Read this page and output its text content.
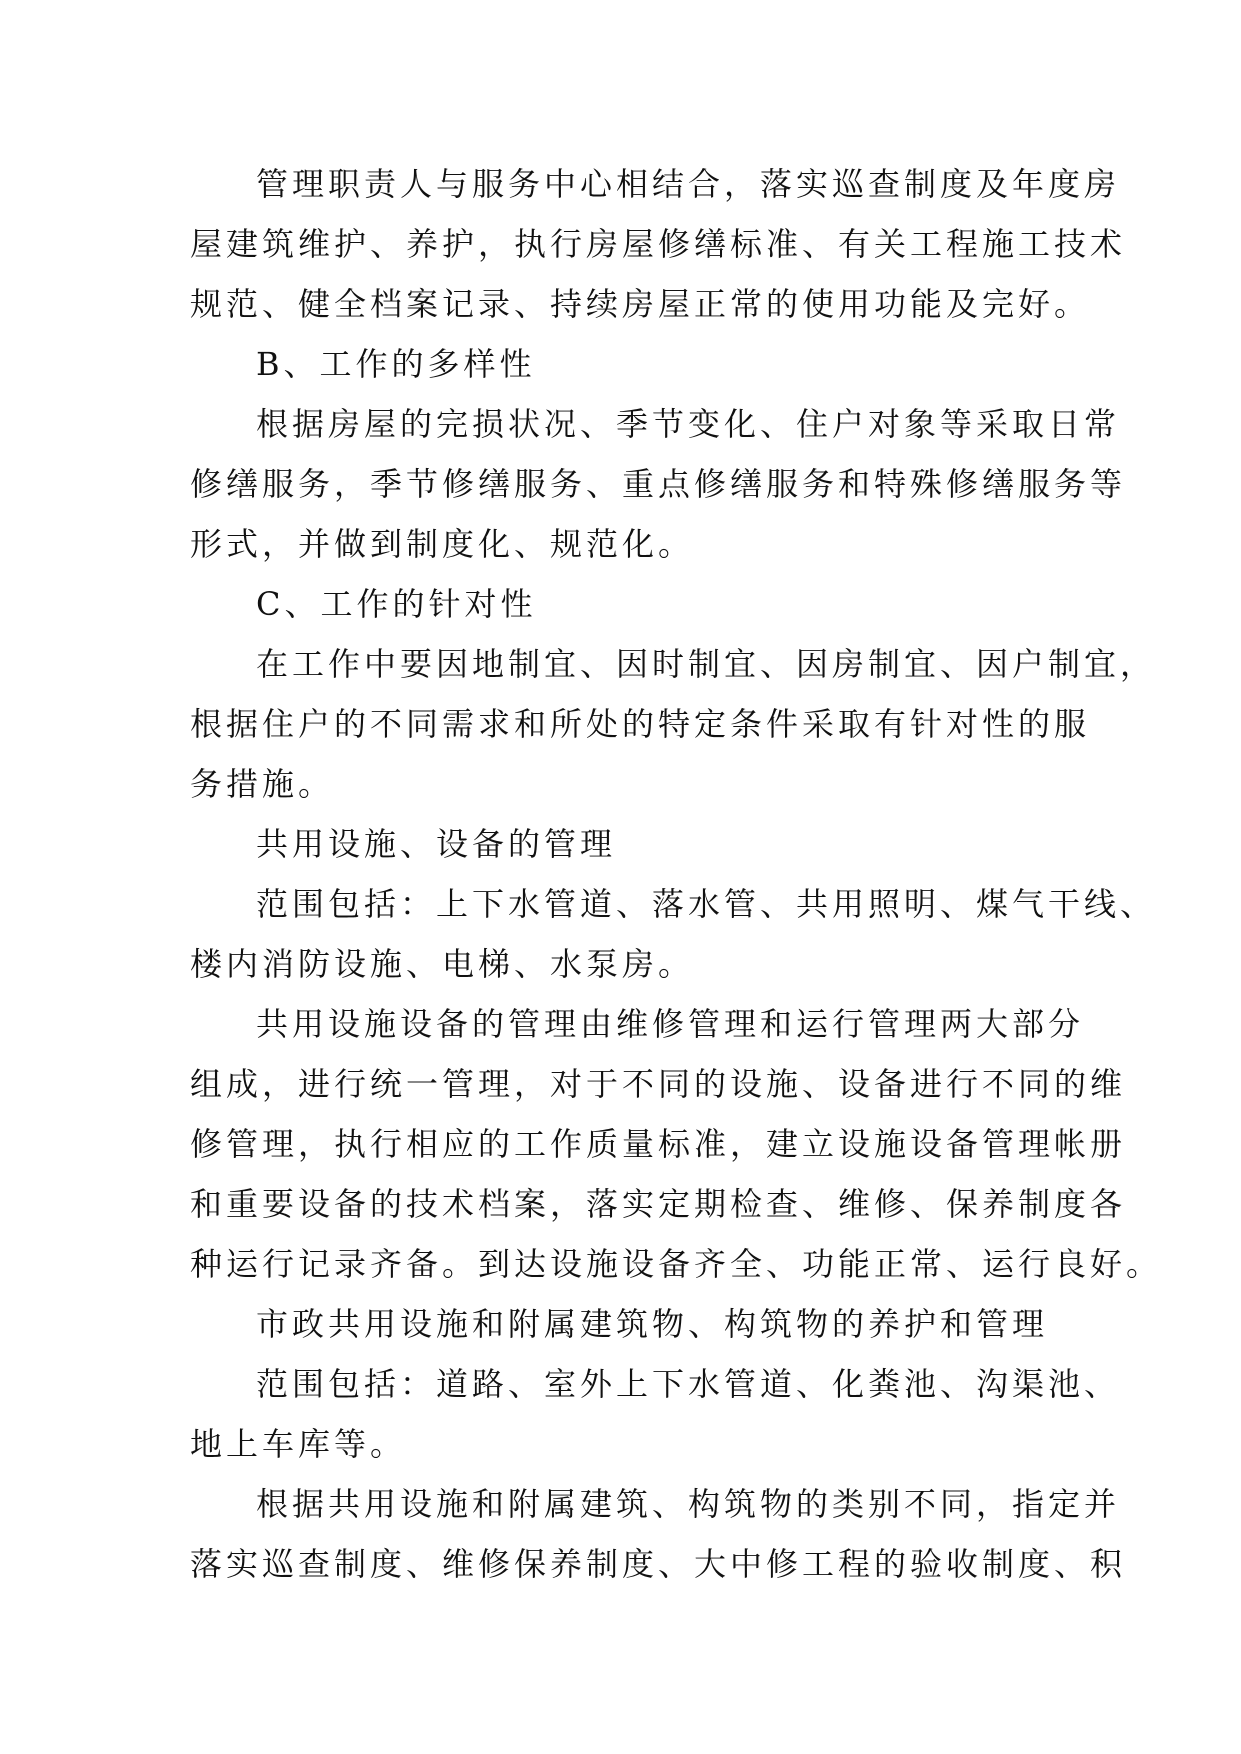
管理职责人与服务中心相结合，落实巡查制度及年度房
屋建筑维护、养护，执行房屋修缮标准、有关工程施工技术
规范、健全档案记录、持续房屋正常的使用功能及完好。
B、工作的多样性
根据房屋的完损状况、季节变化、住户对象等采取日常
修缮服务，季节修缮服务、重点修缮服务和特殊修缮服务等
形式，并做到制度化、规范化。
C、工作的针对性
在工作中要因地制宜、因时制宜、因房制宜、因户制宜，
根据住户的不同需求和所处的特定条件采取有针对性的服
务措施。
共用设施、设备的管理
范围包括：上下水管道、落水管、共用照明、煤气干线、
楼内消防设施、电梯、水泵房。
共用设施设备的管理由维修管理和运行管理两大部分
组成，进行统一管理，对于不同的设施、设备进行不同的维
修管理，执行相应的工作质量标准，建立设施设备管理帐册
和重要设备的技术档案，落实定期检查、维修、保养制度各
种运行记录齐备。到达设施设备齐全、功能正常、运行良好。
市政共用设施和附属建筑物、构筑物的养护和管理
范围包括：道路、室外上下水管道、化粪池、沟渠池、
地上车库等。
根据共用设施和附属建筑、构筑物的类别不同，指定并
落实巡查制度、维修保养制度、大中修工程的验收制度、积
